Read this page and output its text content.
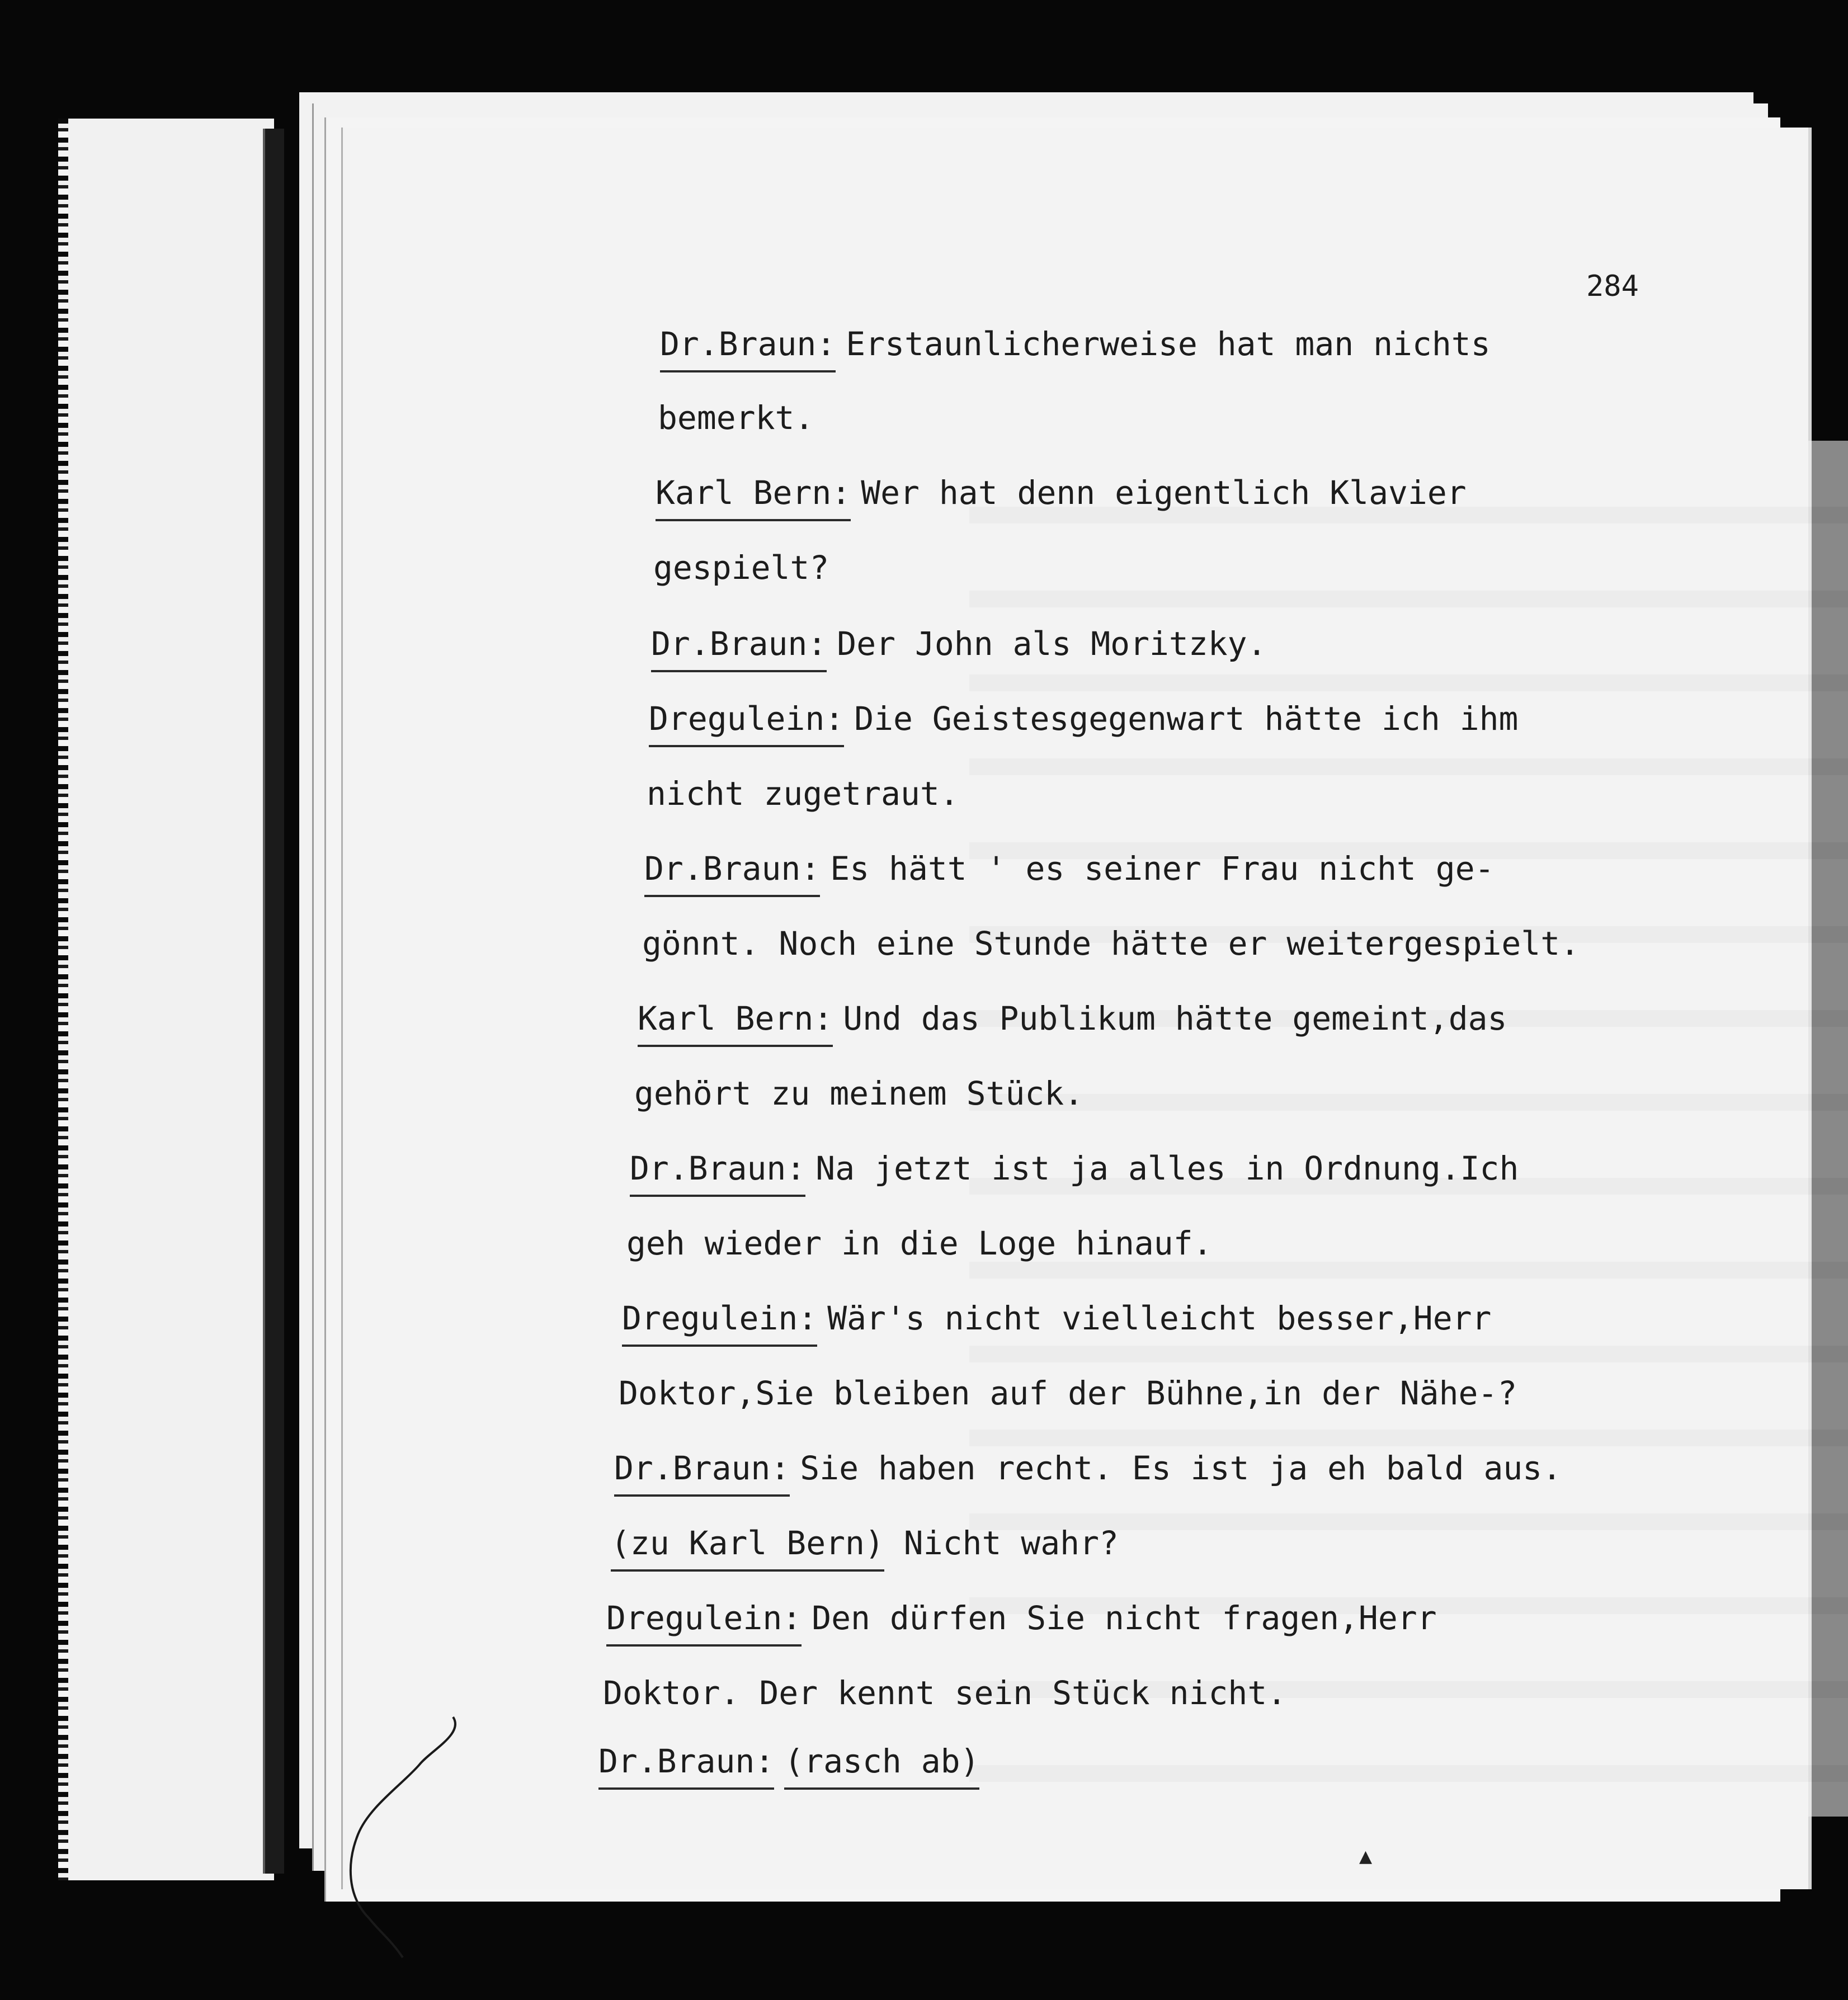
284
Dr.Braun: Erstaunlicherweise hat man nichts
bemerkt.
Karl Bern: Wer hat denn eigentlich Klavier
gespielt?
Dr.Braun: Der John als Moritzky.
Dregulein: Die Geistesgegenwart hätte ich ihm
nicht zugetraut.
Dr.Braun: Es hätt ' es seiner Frau nicht ge-
gönnt. Noch eine Stunde hätte er weitergespielt.
Karl Bern: Und das Publikum hätte gemeint,das
gehört zu meinem Stück.
Dr.Braun: Na jetzt ist ja alles in Ordnung.Ich
geh wieder in die Loge hinauf.
Dregulein: Wär's nicht vielleicht besser,Herr
Doktor,Sie bleiben auf der Bühne,in der Nähe-?
Dr.Braun: Sie haben recht. Es ist ja eh bald aus.
(zu Karl Bern) Nicht wahr?
Dregulein: Den dürfen Sie nicht fragen,Herr
Doktor. Der kennt sein Stück nicht.
Dr.Braun: (rasch ab)
▲
